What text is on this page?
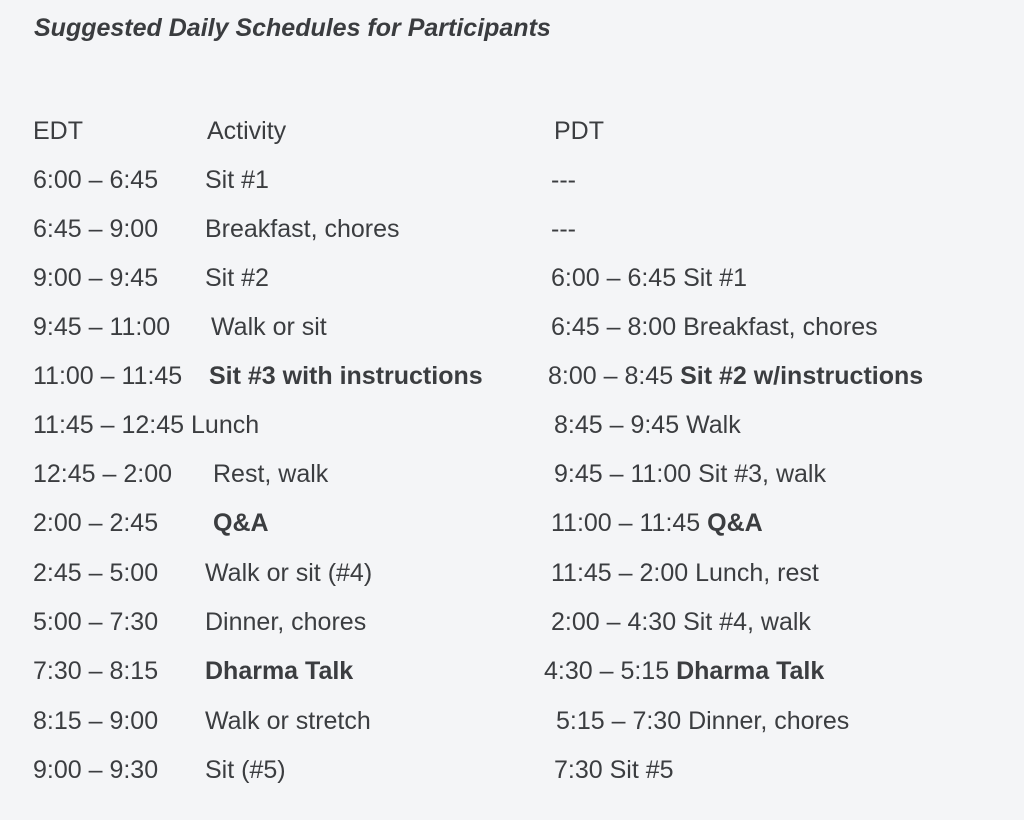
Suggested Daily Schedules for Participants
EDT	Activity	PDT
6:00 – 6:45 Sit #1	---
6:45 – 9:00 Breakfast, chores	---
9:00 – 9:45 Sit #2	6:00 – 6:45 Sit #1
9:45 – 11:00 Walk or sit	6:45 – 8:00 Breakfast, chores
11:00 – 11:45 Sit #3 with instructions	8:00 – 8:45 Sit #2 w/instructions
11:45 – 12:45 Lunch	8:45 – 9:45 Walk
12:45 – 2:00 Rest, walk	9:45 – 11:00 Sit #3, walk
2:00 – 2:45 Q&A	11:00 – 11:45 Q&A
2:45 – 5:00 Walk or sit (#4)	11:45 – 2:00 Lunch, rest
5:00 – 7:30 Dinner, chores	2:00 – 4:30 Sit #4, walk
7:30 – 8:15 Dharma Talk	4:30 – 5:15 Dharma Talk
8:15 – 9:00 Walk or stretch	5:15 – 7:30 Dinner, chores
9:00 – 9:30 Sit (#5)	7:30 Sit #5
